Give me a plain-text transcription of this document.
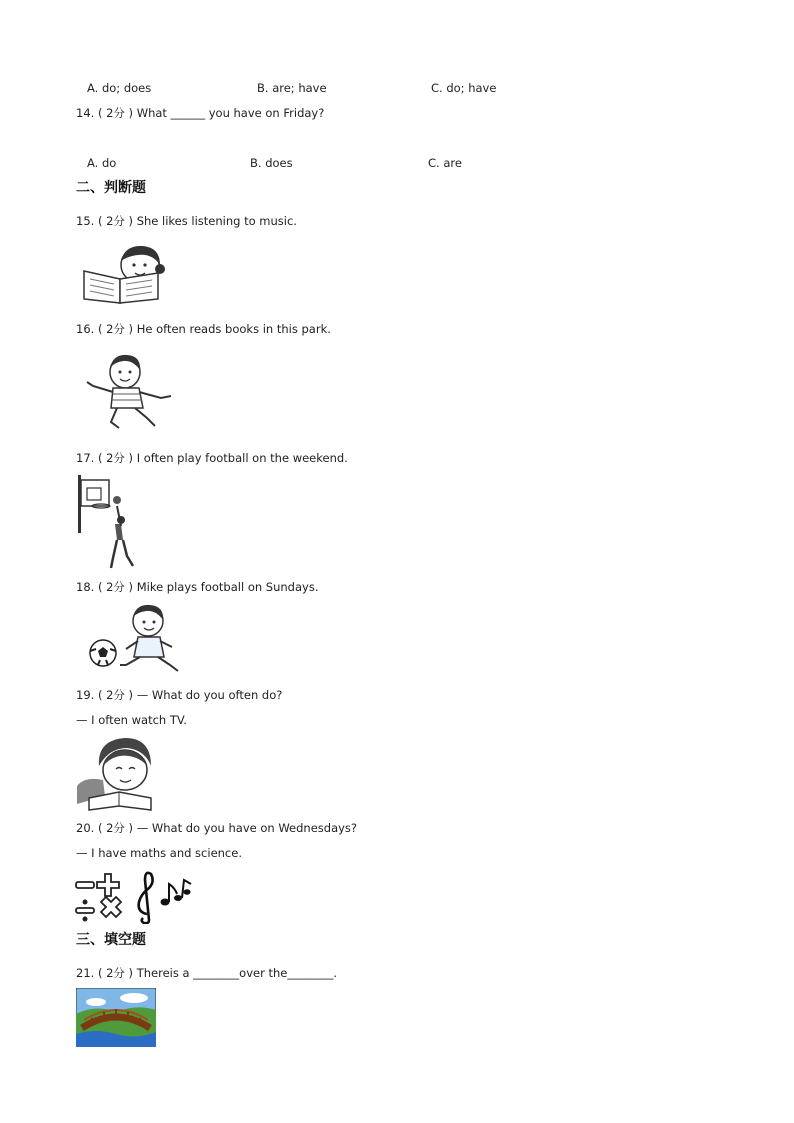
A. do; does	B. are; have	C. do; have
14. ( 2分 ) What ______ you have on Friday?
A. do	B. does	C. are
二、判断题
15. ( 2分 ) She likes listening to music.
16. ( 2分 ) He often reads books in this park.
17. ( 2分 ) I often play football on the weekend.
18. ( 2分 ) Mike plays football on Sundays.
19. ( 2分 ) — What do you often do?
— I often watch TV.
20. ( 2分 ) — What do you have on Wednesdays?
— I have maths and science.
三、填空题
21. ( 2分 ) Thereis a ________over the________.
